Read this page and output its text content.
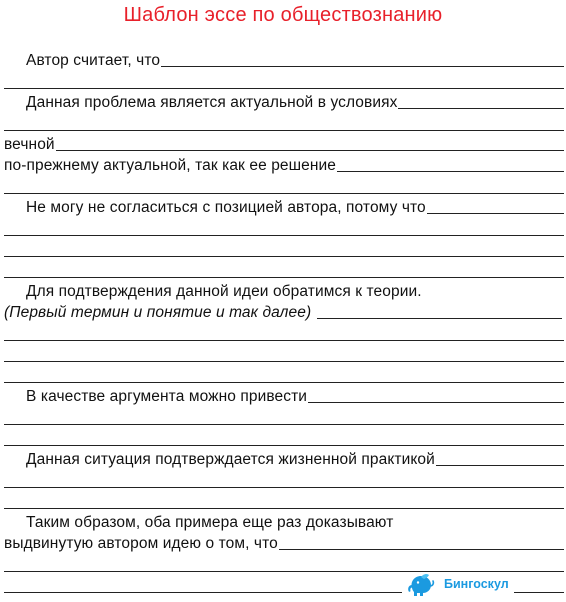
Шаблон эссе по обществознанию
Автор считает, что
Данная проблема является актуальной в условиях
вечной
по-прежнему актуальной, так как ее решение
Не могу не согласиться с позицией автора, потому что
Для подтверждения данной идеи обратимся к теории.
(Первый термин и понятие и так далее)
В качестве аргумента можно привести
Данная ситуация подтверждается жизненной практикой
Таким образом, оба примера еще раз доказывают
выдвинутую автором идею о том, что
Бингоскул
